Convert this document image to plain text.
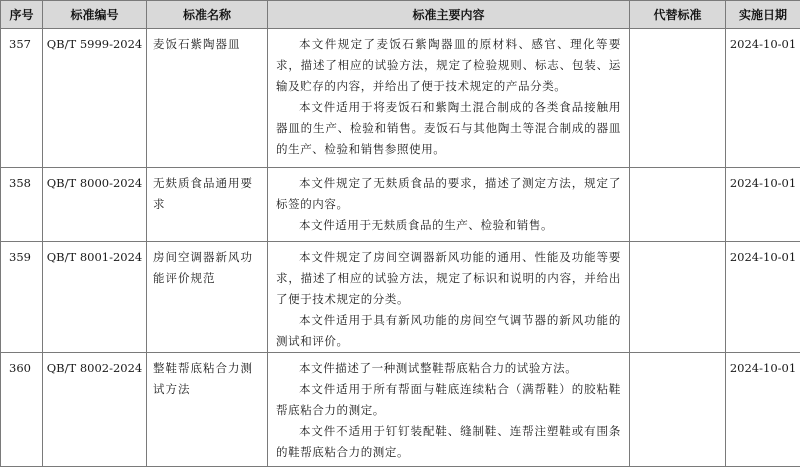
序号	标准编号	标准名称	标准主要内容	代替标准	实施日期
357	QB/T 5999-2024	麦饭石紫陶器皿	本文件规定了麦饭石紫陶器皿的原材料、感官、理化等要求，描述了相应的试验方法，规定了检验规则、标志、包装、运输及贮存的内容，并给出了便于技术规定的产品分类。

本文件适用于将麦饭石和紫陶土混合制成的各类食品接触用器皿的生产、检验和销售。麦饭石与其他陶土等混合制成的器皿的生产、检验和销售参照使用。		2024-10-01
358	QB/T 8000-2024	无麸质食品通用要求	本文件规定了无麸质食品的要求，描述了测定方法，规定了标签的内容。

本文件适用于无麸质食品的生产、检验和销售。		2024-10-01
359	QB/T 8001-2024	房间空调器新风功能评价规范	本文件规定了房间空调器新风功能的通用、性能及功能等要求，描述了相应的试验方法，规定了标识和说明的内容，并给出了便于技术规定的分类。

本文件适用于具有新风功能的房间空气调节器的新风功能的测试和评价。		2024-10-01
360	QB/T 8002-2024	整鞋帮底粘合力测试方法	本文件描述了一种测试整鞋帮底粘合力的试验方法。

本文件适用于所有帮面与鞋底连续粘合（满帮鞋）的胶粘鞋帮底粘合力的测定。

本文件不适用于钉钉装配鞋、缝制鞋、连帮注塑鞋或有围条的鞋帮底粘合力的测定。		2024-10-01
